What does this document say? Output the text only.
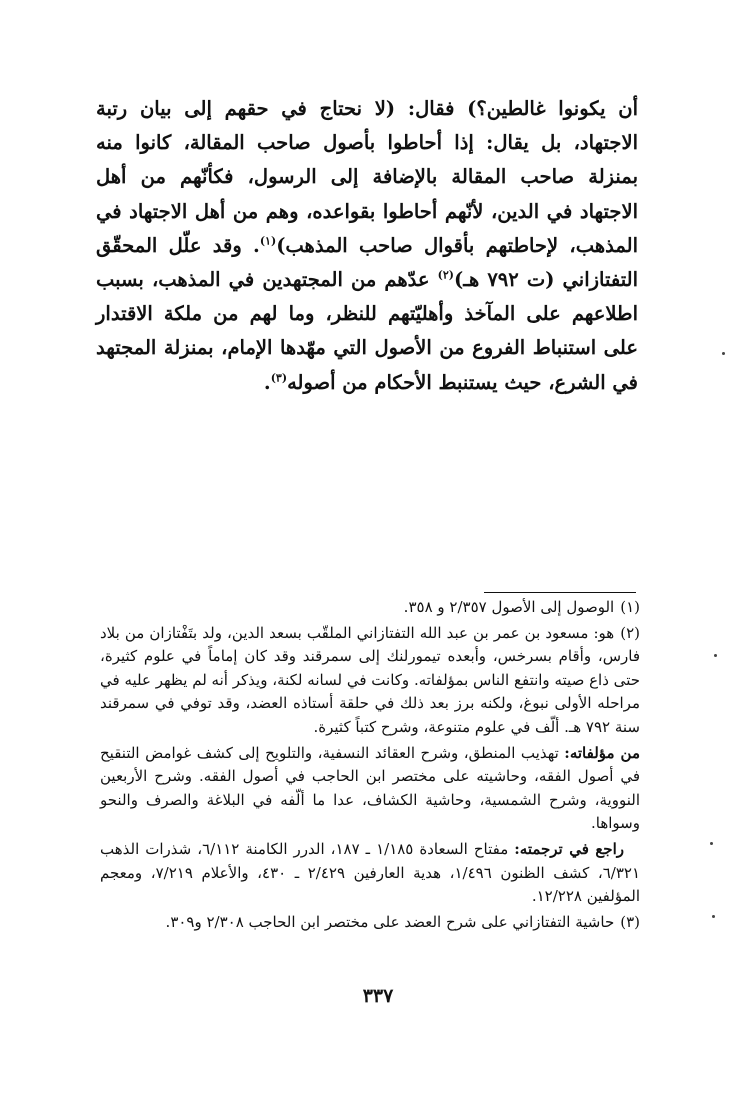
أن يكونوا غالطين؟) فقال: (لا نحتاج في حقهم إلى بيان رتبة الاجتهاد، بل يقال: إذا أحاطوا بأصول صاحب المقالة، كانوا منه بمنزلة صاحب المقالة بالإضافة إلى الرسول، فكأنّهم من أهل الاجتهاد في الدين، لأنّهم أحاطوا بقواعده، وهم من أهل الاجتهاد في المذهب، لإحاطتهم بأقوال صاحب المذهب)$^{(١)}$. وقد علّل المحقّق التفتازاني (ت ٧٩٢ هـ)$^{(٢)}$ عدّهم من المجتهدين في المذهب، بسبب اطلاعهم على المآخذ وأهليّتهم للنظر، وما لهم من ملكة الاقتدار على استنباط الفروع من الأصول التي مهّدها الإمام، بمنزلة المجتهد في الشرع، حيث يستنبط الأحكام من أصوله$^{(٣)}$.

(١)الوصول إلى الأصول ٢/٣٥٧ و ٣٥٨.

(٢)هو: مسعود بن عمر بن عبد الله التفتازاني الملقّب بسعد الدين، ولد بتَفْتازان من بلاد فارس، وأقام بسرخس، وأبعده تيمورلنك إلى سمرقند وقد كان إماماً في علوم كثيرة، حتى ذاع صيته وانتفع الناس بمؤلفاته. وكانت في لسانه لكنة، ويذكر أنه لم يظهر عليه في مراحله الأولى نبوغ، ولكنه برز بعد ذلك في حلقة أستاذه العضد، وقد توفي في سمرقند سنة ٧٩٢ هـ. ألّف في علوم متنوعة، وشرح كتباً كثيرة.

من مؤلفاته: تهذيب المنطق، وشرح العقائد النسفية، والتلويح إلى كشف غوامض التنقيح في أصول الفقه، وحاشيته على مختصر ابن الحاجب في أصول الفقه. وشرح الأربعين النووية، وشرح الشمسية، وحاشية الكشاف، عدا ما ألّفه في البلاغة والصرف والنحو وسواها.

راجع في ترجمته: مفتاح السعادة ١/١٨٥ ـ ١٨٧، الدرر الكامنة ٦/١١٢، شذرات الذهب ٦/٣٢١، كشف الظنون ١/٤٩٦، هدية العارفين ٢/٤٢٩ ـ ٤٣٠، والأعلام ٧/٢١٩، ومعجم المؤلفين ١٢/٢٢٨.

(٣)حاشية التفتازاني على شرح العضد على مختصر ابن الحاجب ٢/٣٠٨ و٣٠٩.

٣٣٧
